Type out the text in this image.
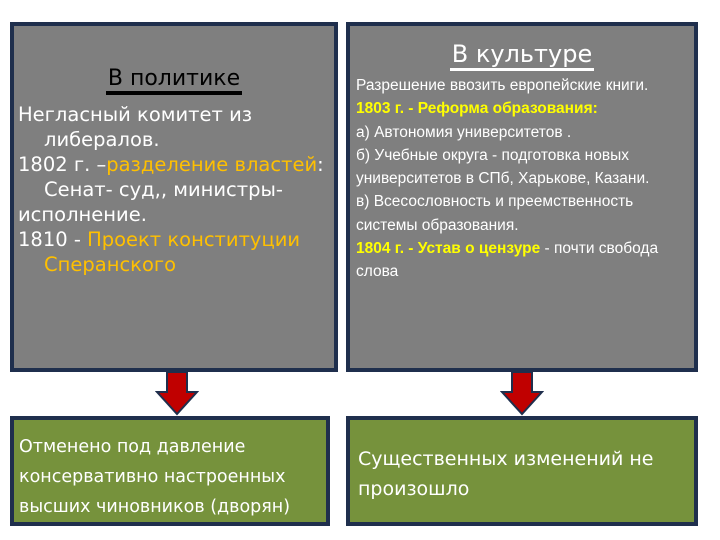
В политике
Негласный комитет из либералов.
1802 г. –разделение властей: Сенат- суд,, министры-
исполнение.
1810 - Проект конституции Сперанского
В культуре
Разрешение ввозить европейские книги.
1803 г. - Реформа образования:
а) Автономия университетов .
б) Учебные округа - подготовка новых университетов в СПб, Харькове, Казани.
в) Всесословность и преемственность системы образования.
1804 г. - Устав о цензуре - почти свобода слова
Отменено под давление консервативно настроенных высших чиновников (дворян)
Существенных изменений не произошло
